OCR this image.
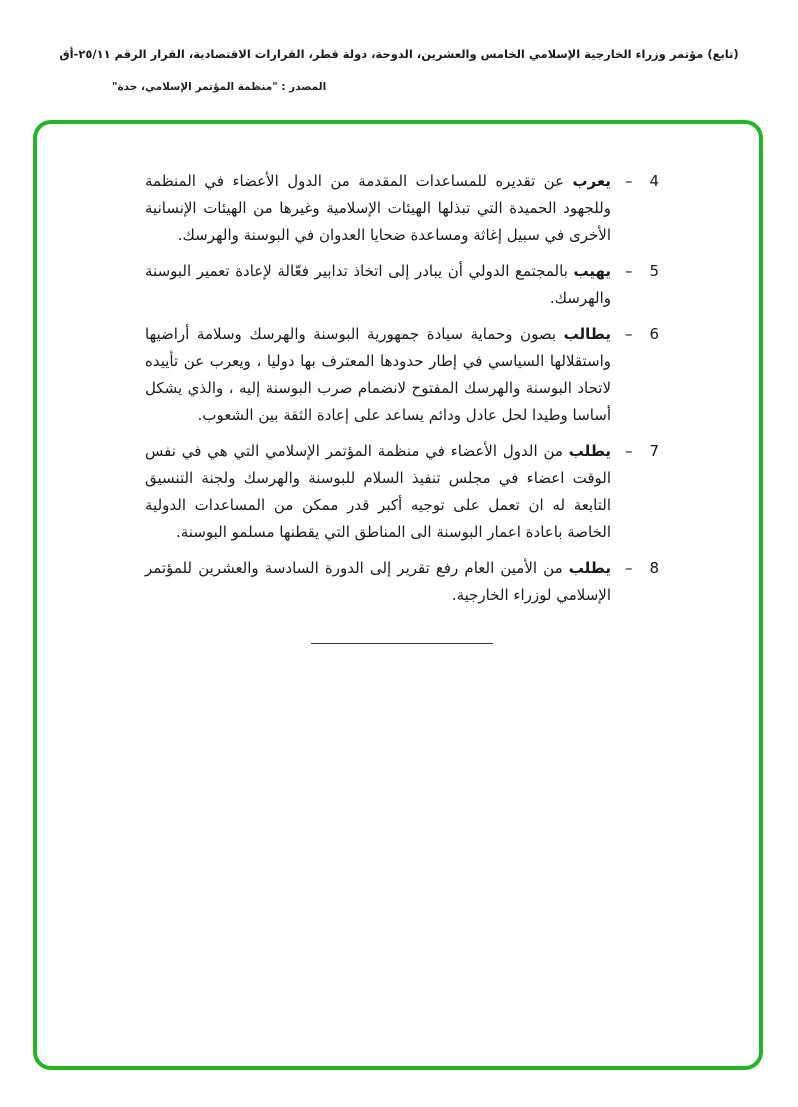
(تابع) مؤتمر وزراء الخارجية الإسلامي الخامس والعشرين، الدوحة، دولة قطر، القرارات الاقتصادية، القرار الرقم ٢٥/١١-أق
المصدر : "منظمة المؤتمر الإسلامي، جدة"
4
–

يعرب عن تقديره للمساعدات المقدمة من الدول الأعضاء في المنظمة وللجهود الحميدة التي تبذلها الهيئات الإسلامية وغيرها من الهيئات الإنسانية الأخرى في سبيل إغاثة ومساعدة ضحايا العدوان في البوسنة والهرسك.

5
–

يهيب بالمجتمع الدولي أن يبادر إلى اتخاذ تدابير فعّالة لإعادة تعمير البوسنة والهرسك.

6
–

يطالب بصون وحماية سيادة جمهورية البوسنة والهرسك وسلامة أراضيها واستقلالها السياسي في إطار حدودها المعترف بها دوليا ، ويعرب عن تأييده لاتحاد البوسنة والهرسك المفتوح لانضمام صرب البوسنة إليه ، والذي يشكل أساسا وطيدا لحل عادل ودائم يساعد على إعادة الثقة بين الشعوب.

7
–

يطلب من الدول الأعضاء في منظمة المؤتمر الإسلامي التي هي في نفس الوقت اعضاء في مجلس تنفيذ السلام للبوسنة والهرسك ولجنة التنسيق التابعة له ان تعمل على توجيه أكبر قدر ممكن من المساعدات الدولية الخاصة باعادة اعمار البوسنة الى المناطق التي يقطنها مسلمو البوسنة.

8
–

يطلب من الأمين العام رفع تقرير إلى الدورة السادسة والعشرين للمؤتمر الإسلامي لوزراء الخارجية.
